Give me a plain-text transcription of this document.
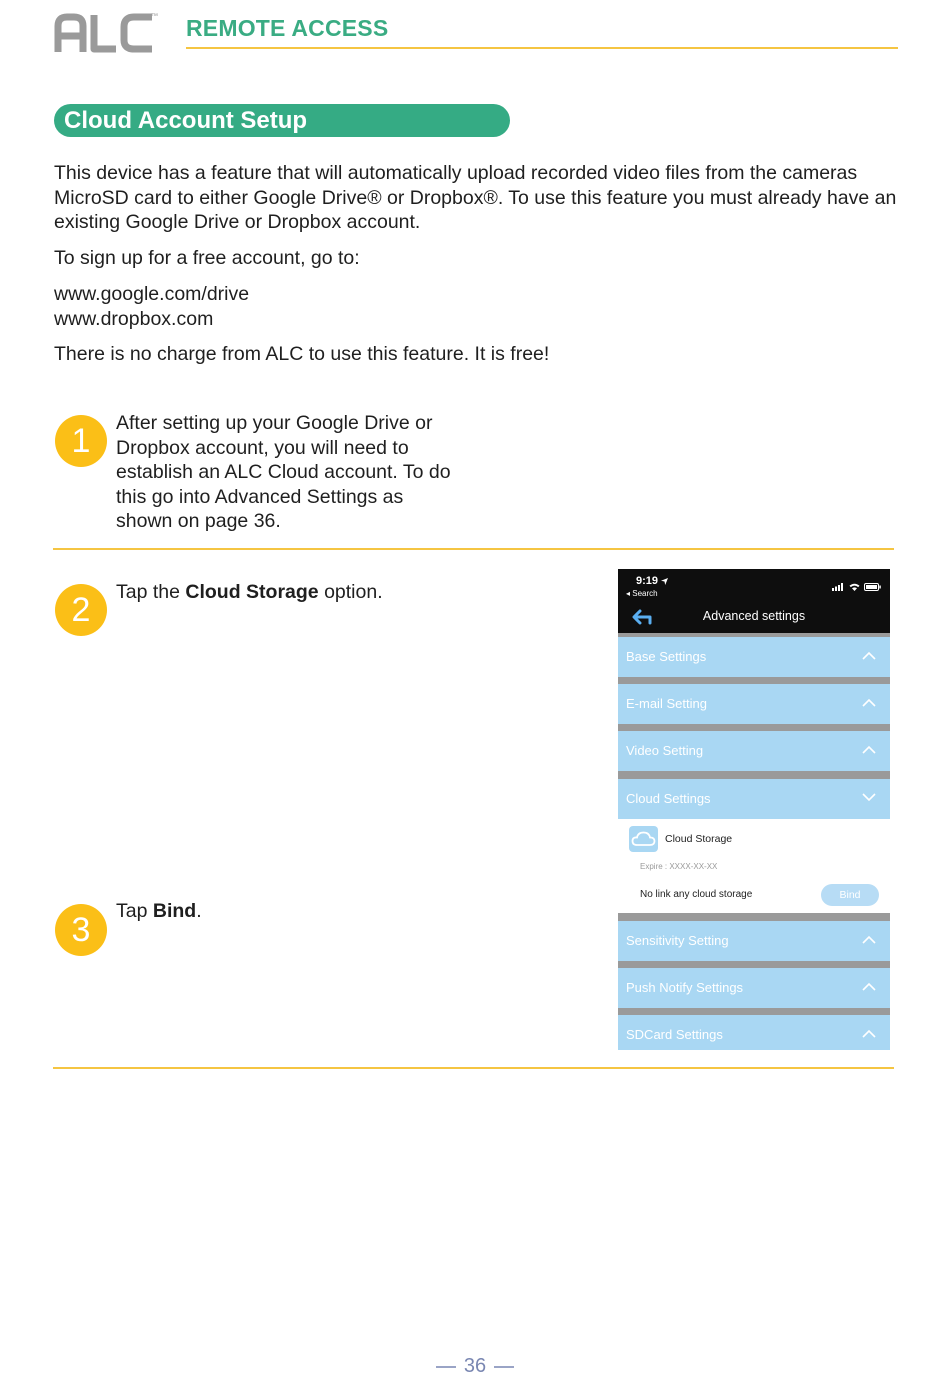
™ REMOTE ACCESS
Cloud Account Setup
This device has a feature that will automatically upload recorded video files from the cameras MicroSD card to either Google Drive® or Dropbox®. To use this feature you must already have an existing Google Drive or Dropbox account.
To sign up for a free account, go to:
www.google.com/drive
www.dropbox.com
There is no charge from ALC to use this feature. It is free!
1	After setting up your Google Drive or Dropbox account, you will need to establish an ALC Cloud account. To do this go into Advanced Settings as shown on page 36.
2	Tap the Cloud Storage option.
3	Tap Bind.
9:19
◂ Search

Advanced settings
Base Settings
E-mail Setting
Video Setting
Cloud Settings
Cloud Storage
Expire : XXXX-XX-XX
No link any cloud storage	Bind
Sensitivity Setting
Push Notify Settings
SDCard Settings
36
